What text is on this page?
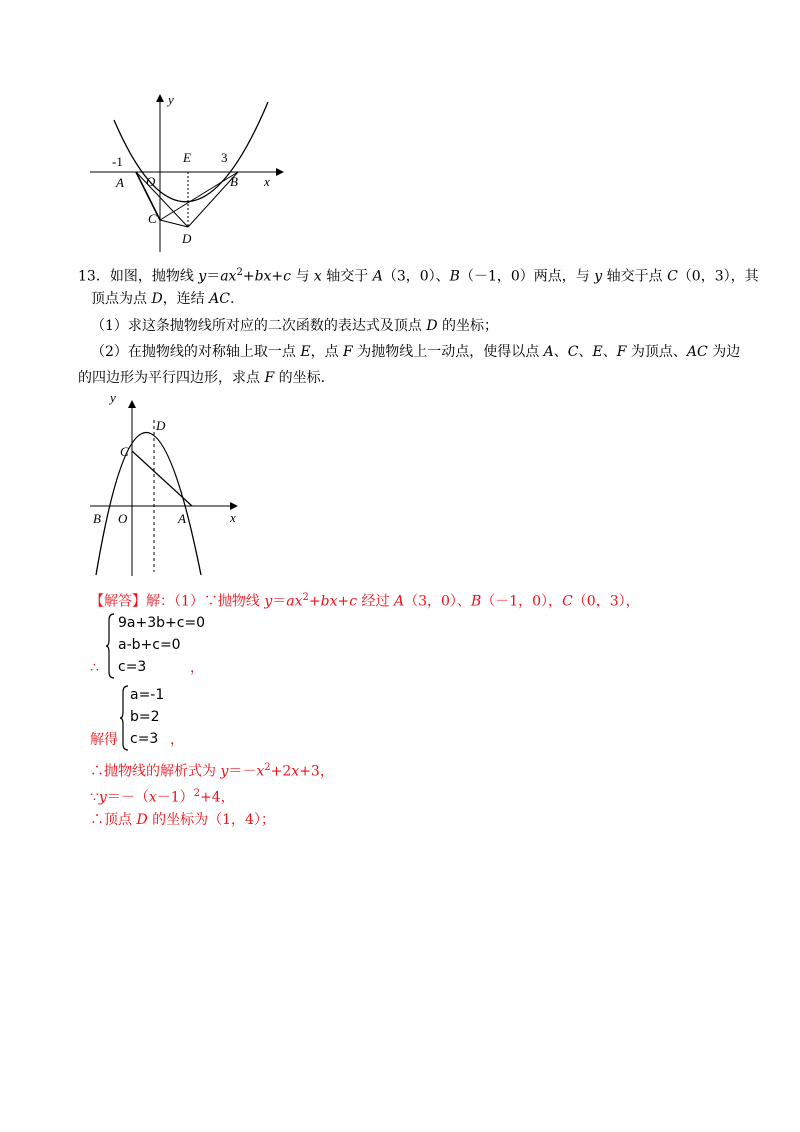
y
x
-1	E 3
A O	B
C
D
13．如图，抛物线 $y=ax^2+bx+c$ 与 x 轴交于 A（3，0）、B（－1，0）两点，与 y 轴交于点 C（0，3），其
顶点为点 D，连结 AC.
（1）求这条抛物线所对应的二次函数的表达式及顶点 D 的坐标；
（2）在抛物线的对称轴上取一点 E，点 F 为抛物线上一动点，使得以点 A、C、E、F 为顶点、AC 为边
的四边形为平行四边形，求点 F 的坐标.
y
D
C
B O	A	x
【解答】解：（1）∵抛物线 $y=ax^2+bx+c$ 经过 A（3，0）、B（－1，0），C（0，3），
9a+3b+c=0
a-b+c=0
c=3
∴	，
a=-1
b=2
c=3
解得	，
∴抛物线的解析式为 $y=-x^2+2x+3$，
$\because y=-(x-1)^2+4$，
∴顶点 D 的坐标为（1，4）；
